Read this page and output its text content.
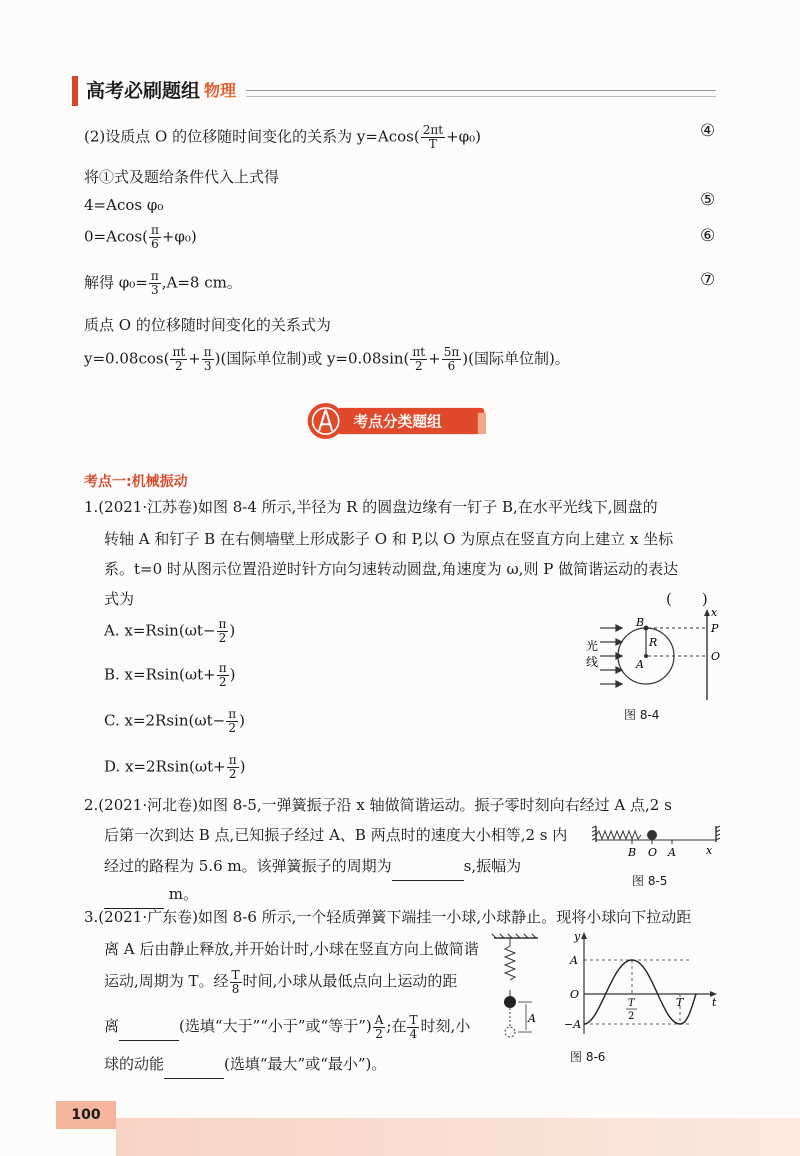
高考必刷题组 物理
(2)设质点 O 的位移随时间变化的关系为 $y=Acos( \frac{2\pi t}{T} +\varphi_0)$	④
将①式及题给条件代入上式得
4=Acos φ₀	⑤
$0=Acos( \frac{\pi}{6} +\varphi_0)$	⑥
解得 $\varphi_0= \frac{\pi}{3} ,A=8$ cm。	⑦
质点 O 的位移随时间变化的关系式为
$y=0.08\cos( \frac{\pi t}{2} + \frac{\pi}{3}$ )(国际单位制)或 $y=0.08\sin( \frac{\pi t}{2} + \frac{5\pi}{6}$ )(国际单位制)。
考点分类题组
考点一:机械振动
1.(2021·江苏卷)如图 8-4 所示,半径为 R 的圆盘边缘有一钉子 B,在水平光线下,圆盘的
转轴 A 和钉子 B 在右侧墙壁上形成影子 O 和 P,以 O 为原点在竖直方向上建立 x 坐标
系。t=0 时从图示位置沿逆时针方向匀速转动圆盘,角速度为 ω,则 P 做简谐运动的表达
式为	(　　)
A. $x=Rsin(\omega t- \frac{\pi}{2}$ )
B. $x=Rsin(\omega t+ \frac{\pi}{2}$ )
C. $x=2Rsin(\omega t- \frac{\pi}{2}$ )
D. $x=2Rsin(\omega t+ \frac{\pi}{2}$ )
光
线
B
R
A
x
P
O
图 8-4
2.(2021·河北卷)如图 8-5,一弹簧振子沿 x 轴做简谐运动。振子零时刻向右经过 A 点,2 s
后第一次到达 B 点,已知振子经过 A、B 两点时的速度大小相等,2 s 内
经过的路程为 5.6 m。该弹簧振子的周期为	s,振幅为
m。
B O A	x
图 8-5
3.(2021·广东卷)如图 8-6 所示,一个轻质弹簧下端挂一小球,小球静止。现将小球向下拉动距
离 A 后由静止释放,并开始计时,小球在竖直方向上做简谐
运动,周期为 T。经 $\frac{T}{8}$ 时间,小球从最低点向上运动的距
离	(选填“大于”“小于”或“等于”) $\frac{A}{2}$ ;在 $\frac{T}{4}$ 时刻,小
球的动能	(选填“最大”或“最小”)。
A
y
A
O
−A
T
2
T	t
图 8-6
100
